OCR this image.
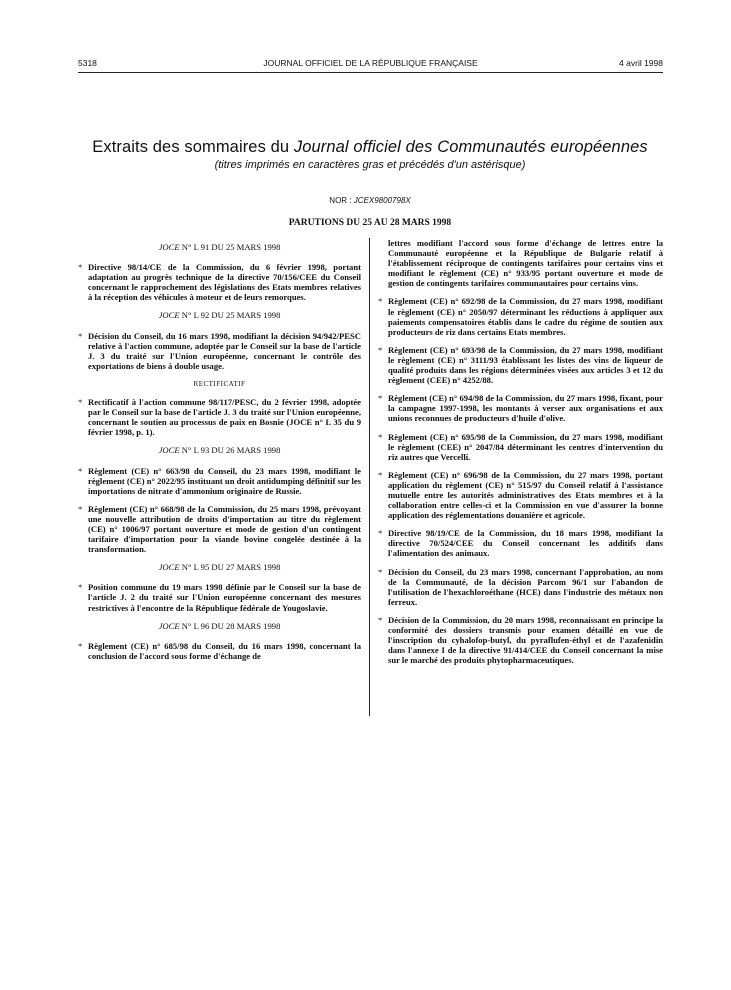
5318	JOURNAL OFFICIEL DE LA RÉPUBLIQUE FRANÇAISE	4 avril 1998
Extraits des sommaires du Journal officiel des Communautés européennes
(titres imprimés en caractères gras et précédés d'un astérisque)
NOR : JCEX9800798X
PARUTIONS DU 25 AU 28 MARS 1998
JOCE N° L 91 DU 25 MARS 1998
* Directive 98/14/CE de la Commission, du 6 février 1998, portant adaptation au progrès technique de la directive 70/156/CEE du Conseil concernant le rapprochement des législations des Etats membres relatives à la réception des véhicules à moteur et de leurs remorques.
JOCE N° L 92 DU 25 MARS 1998
* Décision du Conseil, du 16 mars 1998, modifiant la décision 94/942/PESC relative à l'action commune, adoptée par le Conseil sur la base de l'article J. 3 du traité sur l'Union européenne, concernant le contrôle des exportations de biens à double usage.
RECTIFICATIF
* Rectificatif à l'action commune 98/117/PESC, du 2 février 1998, adoptée par le Conseil sur la base de l'article J. 3 du traité sur l'Union européenne, concernant le soutien au processus de paix en Bosnie (JOCE n° L 35 du 9 février 1998, p. 1).
JOCE N° L 93 DU 26 MARS 1998
* Règlement (CE) n° 663/98 du Conseil, du 23 mars 1998, modifiant le règlement (CE) n° 2022/95 instituant un droit antidumping définitif sur les importations de nitrate d'ammonium originaire de Russie.
* Règlement (CE) n° 668/98 de la Commission, du 25 mars 1998, prévoyant une nouvelle attribution de droits d'importation au titre du règlement (CE) n° 1006/97 portant ouverture et mode de gestion d'un contingent tarifaire d'importation pour la viande bovine congelée destinée à la transformation.
JOCE N° L 95 DU 27 MARS 1998
* Position commune du 19 mars 1998 définie par le Conseil sur la base de l'article J. 2 du traité sur l'Union européenne concernant des mesures restrictives à l'encontre de la République fédérale de Yougoslavie.
JOCE N° L 96 DU 28 MARS 1998
* Règlement (CE) n° 685/98 du Conseil, du 16 mars 1998, concernant la conclusion de l'accord sous forme d'échange de
lettres modifiant l'accord sous forme d'échange de lettres entre la Communauté européenne et la République de Bulgarie relatif à l'établissement réciproque de contingents tarifaires pour certains vins et modifiant le règlement (CE) n° 933/95 portant ouverture et mode de gestion de contingents tarifaires communautaires pour certains vins.
* Règlement (CE) n° 692/98 de la Commission, du 27 mars 1998, modifiant le règlement (CE) n° 2050/97 déterminant les réductions à appliquer aux paiements compensatoires établis dans le cadre du régime de soutien aux producteurs de riz dans certains Etats membres.
* Règlement (CE) n° 693/98 de la Commission, du 27 mars 1998, modifiant le règlement (CE) n° 3111/93 établissant les listes des vins de liqueur de qualité produits dans les régions déterminées visées aux articles 3 et 12 du règlement (CEE) n° 4252/88.
* Règlement (CE) n° 694/98 de la Commission, du 27 mars 1998, fixant, pour la campagne 1997-1998, les montants à verser aux organisations et aux unions reconnues de producteurs d'huile d'olive.
* Règlement (CE) n° 695/98 de la Commission, du 27 mars 1998, modifiant le règlement (CEE) n° 2047/84 déterminant les centres d'intervention du riz autres que Vercelli.
* Règlement (CE) n° 696/98 de la Commission, du 27 mars 1998, portant application du règlement (CE) n° 515/97 du Conseil relatif à l'assistance mutuelle entre les autorités administratives des Etats membres et à la collaboration entre celles-ci et la Commission en vue d'assurer la bonne application des réglementations douanière et agricole.
* Directive 98/19/CE de la Commission, du 18 mars 1998, modifiant la directive 70/524/CEE du Conseil concernant les additifs dans l'alimentation des animaux.
* Décision du Conseil, du 23 mars 1998, concernant l'approbation, au nom de la Communauté, de la décision Parcom 96/1 sur l'abandon de l'utilisation de l'hexachloroéthane (HCE) dans l'industrie des métaux non ferreux.
* Décision de la Commission, du 20 mars 1998, reconnaissant en principe la conformité des dossiers transmis pour examen détaillé en vue de l'inscription du cyhalofop-butyl, du pyraflufen-éthyl et de l'azafenidin dans l'annexe I de la directive 91/414/CEE du Conseil concernant la mise sur le marché des produits phytopharmaceutiques.
